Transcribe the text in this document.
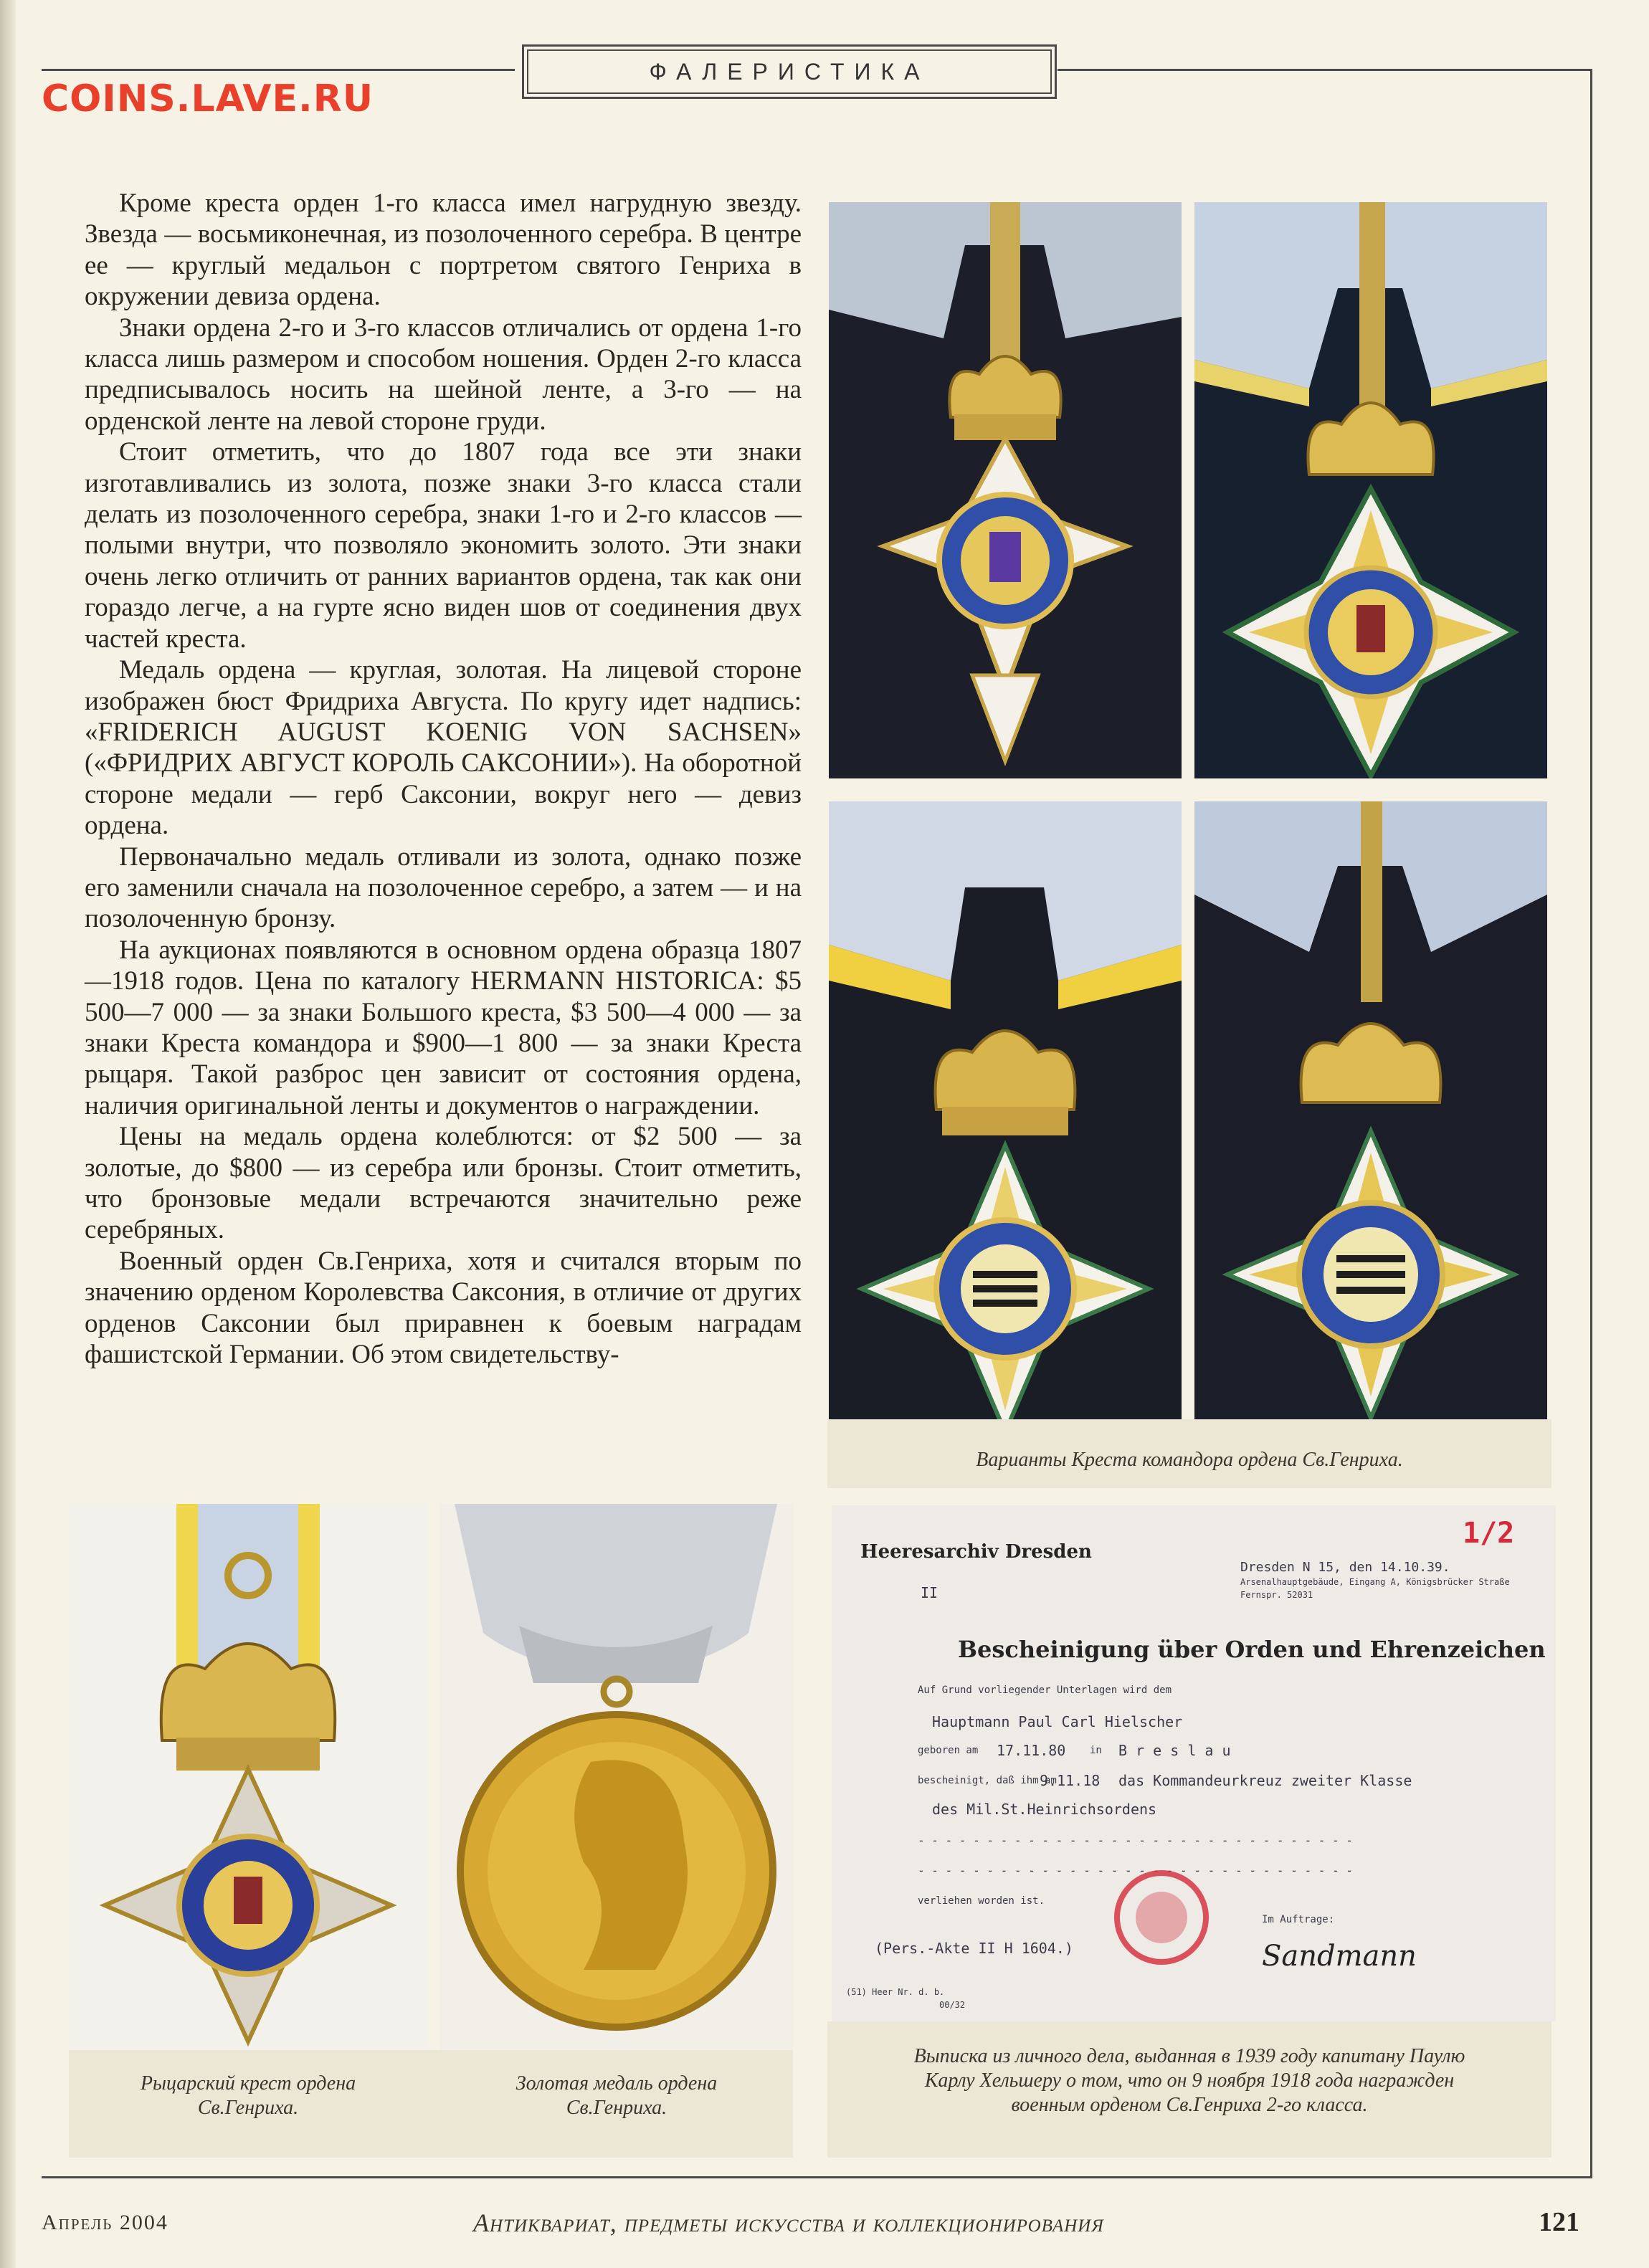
COINS.LAVE.RU
ФАЛЕРИСТИКА

Кроме креста орден 1-го класса имел нагрудную звезду. Звезда — восьмиконечная, из позолоченного серебра. В центре ее — круглый медальон с портретом святого Генриха в окружении девиза ордена.

Знаки ордена 2-го и 3-го классов отличались от ордена 1-го класса лишь размером и способом ношения. Орден 2-го класса предписывалось носить на шейной ленте, а 3-го — на орденской ленте на левой стороне груди.

Стоит отметить, что до 1807 года все эти знаки изготавливались из золота, позже знаки 3-го класса стали делать из позолоченного серебра, знаки 1-го и 2-го классов — полыми внутри, что позволяло экономить золото. Эти знаки очень легко отличить от ранних вариантов ордена, так как они гораздо легче, а на гурте ясно виден шов от соединения двух частей креста.

Медаль ордена — круглая, золотая. На лицевой стороне изображен бюст Фридриха Августа. По кругу идет надпись: «FRIDERICH AUGUST KOENIG VON SACHSEN» («ФРИДРИХ АВГУСТ КОРОЛЬ САКСОНИИ»). На оборотной стороне медали — герб Саксонии, вокруг него — девиз ордена.

Первоначально медаль отливали из золота, однако позже его заменили сначала на позолоченное серебро, а затем — и на позолоченную бронзу.

На аукционах появляются в основном ордена образца 1807—1918 годов. Цена по каталогу HERMANN HISTORICA: $5 500—7 000 — за знаки Большого креста, $3 500—4 000 — за знаки Креста командора и $900—1 800 — за знаки Креста рыцаря. Такой разброс цен зависит от состояния ордена, наличия оригинальной ленты и документов о награждении.

Цены на медаль ордена колеблются: от $2 500 — за золотые, до $800 — из серебра или бронзы. Стоит отметить, что бронзовые медали встречаются значительно реже серебряных.

Военный орден Св.Генриха, хотя и считался вторым по значению орденом Королевства Саксония, в отличие от других орденов Саксонии был приравнен к боевым наградам фашистской Германии. Об этом свидетельству-

Варианты Креста командора ордена Св.Генриха.
Рыцарский крест ордена
Св.Генриха.
Золотая медаль ордена
Св.Генриха.
Heeresarchiv Dresden
II
Dresden N 15, den 14.10.39.
Arsenalhauptgebäude, Eingang A, Königsbrücker Straße
Fernspr. 52031
1/2
Bescheinigung über Orden und Ehrenzeichen
Auf Grund vorliegender Unterlagen wird dem
Hauptmann Paul Carl Hielscher
geboren am 17.11.80 in B r e s l a u
bescheinigt, daß ihm am
9.11.18 das Kommandeurkreuz zweiter Klasse
des Mil.St.Heinrichsordens
- - - - - - - - - - - - - - - - - - - - - - - - - - - - - - - -
- - - - - - - - - - - - - - - - - - - - - - - - - - - - - - - -
verliehen worden ist.
(Pers.-Akte II H 1604.)
Im Auftrage:
Sandmann
(51) Heer Nr. d. b.
00/32
Выписка из личного дела, выданная в 1939 году капитану Паулю
Карлу Хельшеру о том, что он 9 ноября 1918 года награжден
военным орденом Св.Генриха 2-го класса.
Апрель 2004	Антиквариат, предметы искусства и коллекционирования	121
